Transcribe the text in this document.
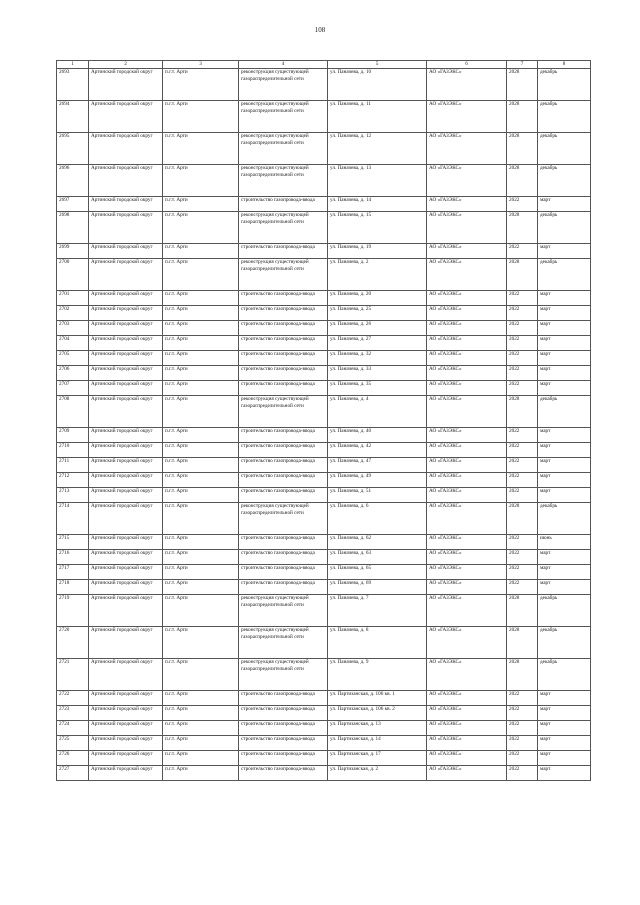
108
1	2	3	4	5	6	7	8
2693	Артинский городской округ	п.г.т. Арти	реконструкция существующей газораспределительной сети	ул. Паначева, д. 10	АО «ГАЗЭКС»	2028	декабрь
2694	Артинский городской округ	п.г.т. Арти	реконструкция существующей газораспределительной сети	ул. Паначева, д. 11	АО «ГАЗЭКС»	2028	декабрь
2695	Артинский городской округ	п.г.т. Арти	реконструкция существующей газораспределительной сети	ул. Паначева, д. 12	АО «ГАЗЭКС»	2028	декабрь
2696	Артинский городской округ	п.г.т. Арти	реконструкция существующей газораспределительной сети	ул. Паначева, д. 13	АО «ГАЗЭКС»	2028	декабрь
2697	Артинский городской округ	п.г.т. Арти	строительство газопровода-ввода	ул. Паначева, д. 14	АО «ГАЗЭКС»	2022	март
2698	Артинский городской округ	п.г.т. Арти	реконструкция существующей газораспределительной сети	ул. Паначева, д. 15	АО «ГАЗЭКС»	2028	декабрь
2699	Артинский городской округ	п.г.т. Арти	строительство газопровода-ввода	ул. Паначева, д. 19	АО «ГАЗЭКС»	2022	март
2700	Артинский городской округ	п.г.т. Арти	реконструкция существующей газораспределительной сети	ул. Паначева, д. 2	АО «ГАЗЭКС»	2028	декабрь
2701	Артинский городской округ	п.г.т. Арти	строительство газопровода-ввода	ул. Паначева, д. 20	АО «ГАЗЭКС»	2022	март
2702	Артинский городской округ	п.г.т. Арти	строительство газопровода-ввода	ул. Паначева, д. 25	АО «ГАЗЭКС»	2022	март
2703	Артинский городской округ	п.г.т. Арти	строительство газопровода-ввода	ул. Паначева, д. 26	АО «ГАЗЭКС»	2022	март
2704	Артинский городской округ	п.г.т. Арти	строительство газопровода-ввода	ул. Паначева, д. 27	АО «ГАЗЭКС»	2022	март
2705	Артинский городской округ	п.г.т. Арти	строительство газопровода-ввода	ул. Паначева, д. 32	АО «ГАЗЭКС»	2022	март
2706	Артинский городской округ	п.г.т. Арти	строительство газопровода-ввода	ул. Паначева, д. 33	АО «ГАЗЭКС»	2022	март
2707	Артинский городской округ	п.г.т. Арти	строительство газопровода-ввода	ул. Паначева, д. 35	АО «ГАЗЭКС»	2022	март
2708	Артинский городской округ	п.г.т. Арти	реконструкция существующей газораспределительной сети	ул. Паначева, д. 4	АО «ГАЗЭКС»	2028	декабрь
2709	Артинский городской округ	п.г.т. Арти	строительство газопровода-ввода	ул. Паначева, д. 40	АО «ГАЗЭКС»	2022	март
2710	Артинский городской округ	п.г.т. Арти	строительство газопровода-ввода	ул. Паначева, д. 42	АО «ГАЗЭКС»	2022	март
2711	Артинский городской округ	п.г.т. Арти	строительство газопровода-ввода	ул. Паначева, д. 47	АО «ГАЗЭКС»	2022	март
2712	Артинский городской округ	п.г.т. Арти	строительство газопровода-ввода	ул. Паначева, д. 49	АО «ГАЗЭКС»	2022	март
2713	Артинский городской округ	п.г.т. Арти	строительство газопровода-ввода	ул. Паначева, д. 51	АО «ГАЗЭКС»	2022	март
2714	Артинский городской округ	п.г.т. Арти	реконструкция существующей газораспределительной сети	ул. Паначева, д. 6	АО «ГАЗЭКС»	2028	декабрь
2715	Артинский городской округ	п.г.т. Арти	строительство газопровода-ввода	ул. Паначева, д. 62	АО «ГАЗЭКС»	2022	июнь
2716	Артинский городской округ	п.г.т. Арти	строительство газопровода-ввода	ул. Паначева, д. 63	АО «ГАЗЭКС»	2022	март
2717	Артинский городской округ	п.г.т. Арти	строительство газопровода-ввода	ул. Паначева, д. 65	АО «ГАЗЭКС»	2022	март
2718	Артинский городской округ	п.г.т. Арти	строительство газопровода-ввода	ул. Паначева, д. 69	АО «ГАЗЭКС»	2022	март
2719	Артинский городской округ	п.г.т. Арти	реконструкция существующей газораспределительной сети	ул. Паначева, д. 7	АО «ГАЗЭКС»	2028	декабрь
2720	Артинский городской округ	п.г.т. Арти	реконструкция существующей газораспределительной сети	ул. Паначева, д. 8	АО «ГАЗЭКС»	2028	декабрь
2721	Артинский городской округ	п.г.т. Арти	реконструкция существующей газораспределительной сети	ул. Паначева, д. 9	АО «ГАЗЭКС»	2028	декабрь
2722	Артинский городской округ	п.г.т. Арти	строительство газопровода-ввода	ул. Партизанская, д. 106 кв. 1	АО «ГАЗЭКС»	2022	март
2723	Артинский городской округ	п.г.т. Арти	строительство газопровода-ввода	ул. Партизанская, д. 106 кв. 2	АО «ГАЗЭКС»	2022	март
2724	Артинский городской округ	п.г.т. Арти	строительство газопровода-ввода	ул. Партизанская, д. 13	АО «ГАЗЭКС»	2022	март
2725	Артинский городской округ	п.г.т. Арти	строительство газопровода-ввода	ул. Партизанская, д. 14	АО «ГАЗЭКС»	2022	март
2726	Артинский городской округ	п.г.т. Арти	строительство газопровода-ввода	ул. Партизанская, д. 17	АО «ГАЗЭКС»	2022	март
2727	Артинский городской округ	п.г.т. Арти	строительство газопровода-ввода	ул. Партизанская, д. 2	АО «ГАЗЭКС»	2022	март
